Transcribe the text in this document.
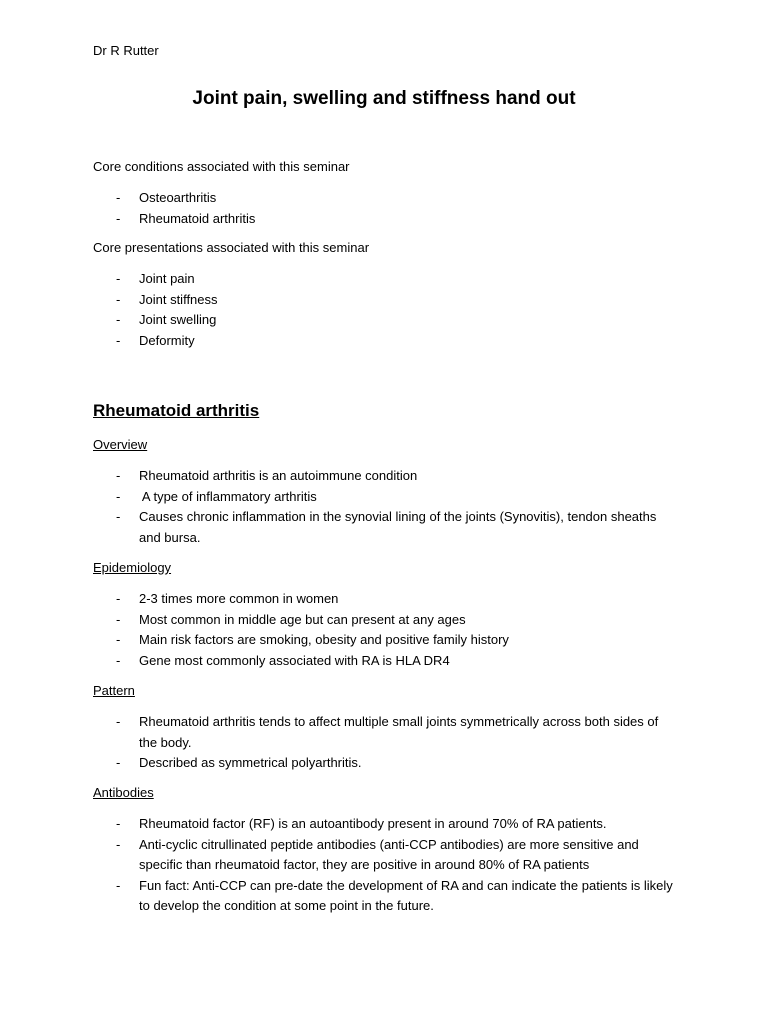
Dr R Rutter
Joint pain, swelling and stiffness hand out
Core conditions associated with this seminar
- Osteoarthritis
- Rheumatoid arthritis
Core presentations associated with this seminar
- Joint pain
- Joint stiffness
- Joint swelling
- Deformity
Rheumatoid arthritis
Overview
- Rheumatoid arthritis is an autoimmune condition
-  A type of inflammatory arthritis
- Causes chronic inflammation in the synovial lining of the joints (Synovitis), tendon sheaths and bursa.
Epidemiology
- 2-3 times more common in women
- Most common in middle age but can present at any ages
- Main risk factors are smoking, obesity and positive family history
- Gene most commonly associated with RA is HLA DR4
Pattern
- Rheumatoid arthritis tends to affect multiple small joints symmetrically across both sides of the body.
- Described as symmetrical polyarthritis.
Antibodies
- Rheumatoid factor (RF) is an autoantibody present in around 70% of RA patients.
- Anti-cyclic citrullinated peptide antibodies (anti-CCP antibodies) are more sensitive and specific than rheumatoid factor, they are positive in around 80% of RA patients
- Fun fact: Anti-CCP can pre-date the development of RA and can indicate the patients is likely to develop the condition at some point in the future.
